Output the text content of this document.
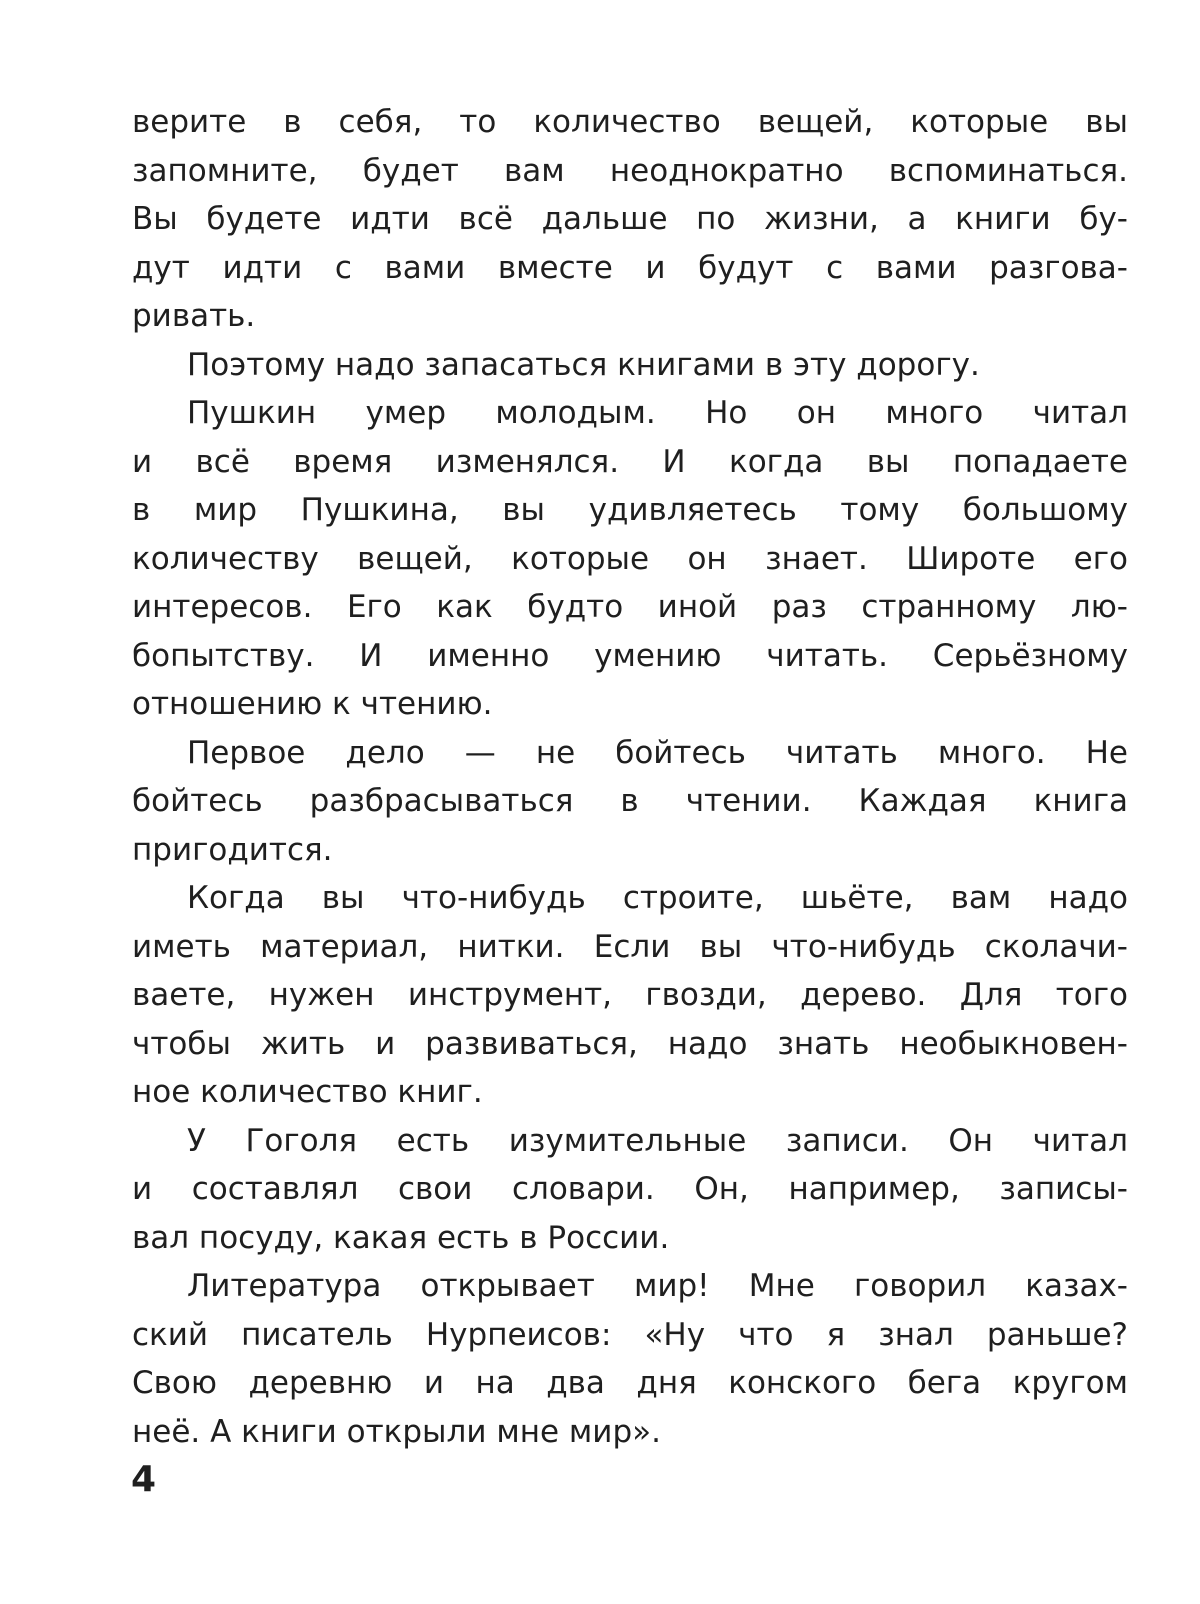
верите в себя, то количество вещей, которые вы
запомните, будет вам неоднократно вспоминаться.
Вы будете идти всё дальше по жизни, а книги бу-
дут идти с вами вместе и будут с вами разгова-
ривать.
Поэтому надо запасаться книгами в эту дорогу.
Пушкин умер молодым. Но он много читал
и всё время изменялся. И когда вы попадаете
в мир Пушкина, вы удивляетесь тому большому
количеству вещей, которые он знает. Широте его
интересов. Его как будто иной раз странному лю-
бопытству. И именно умению читать. Серьёзному
отношению к чтению.
Первое дело — не бойтесь читать много. Не
бойтесь разбрасываться в чтении. Каждая книга
пригодится.
Когда вы что-нибудь строите, шьёте, вам надо
иметь материал, нитки. Если вы что-нибудь сколачи-
ваете, нужен инструмент, гвозди, дерево. Для того
чтобы жить и развиваться, надо знать необыкновен-
ное количество книг.
У Гоголя есть изумительные записи. Он читал
и составлял свои словари. Он, например, записы-
вал посуду, какая есть в России.
Литература открывает мир! Мне говорил казах-
ский писатель Нурпеисов: «Ну что я знал раньше?
Свою деревню и на два дня конского бега кругом
неё. А книги открыли мне мир».
4
